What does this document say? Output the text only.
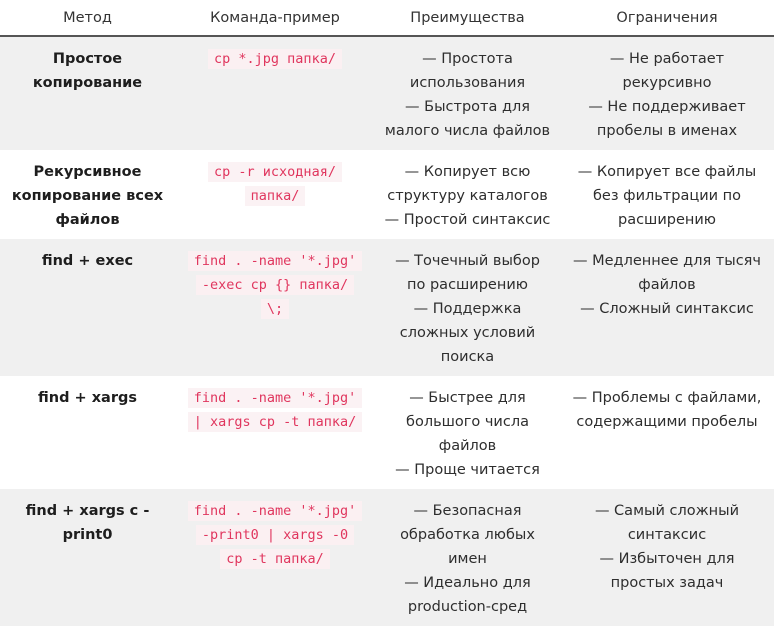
Метод	Команда-пример	Преимущества	Ограничения

Простое
копирование	cp *.jpg папка/	— Простота
использования
— Быстрота для
малого числа файлов	— Не работает
рекурсивно
— Не поддерживает
пробелы в именах

Рекурсивное
копирование всех
файлов	cp -r исходная/ папка/	— Копирует всю
структуру каталогов
— Простой синтаксис	— Копирует все файлы
без фильтрации по
расширению

find + exec	find . -name '*.jpg' -exec cp {} папка/ \;	— Точечный выбор
по расширению
— Поддержка
сложных условий
поиска	— Медленнее для тысяч
файлов
— Сложный синтаксис

find + xargs	find . -name '*.jpg' | xargs cp -t папка/	— Быстрее для
большого числа
файлов
— Проще читается	— Проблемы с файлами,
содержащими пробелы

find + xargs с -print0	find . -name '*.jpg' -print0 | xargs -0 cp -t папка/	— Безопасная
обработка любых
имен
— Идеально для
production-сред	— Самый сложный
синтаксис
— Избыточен для
простых задач
